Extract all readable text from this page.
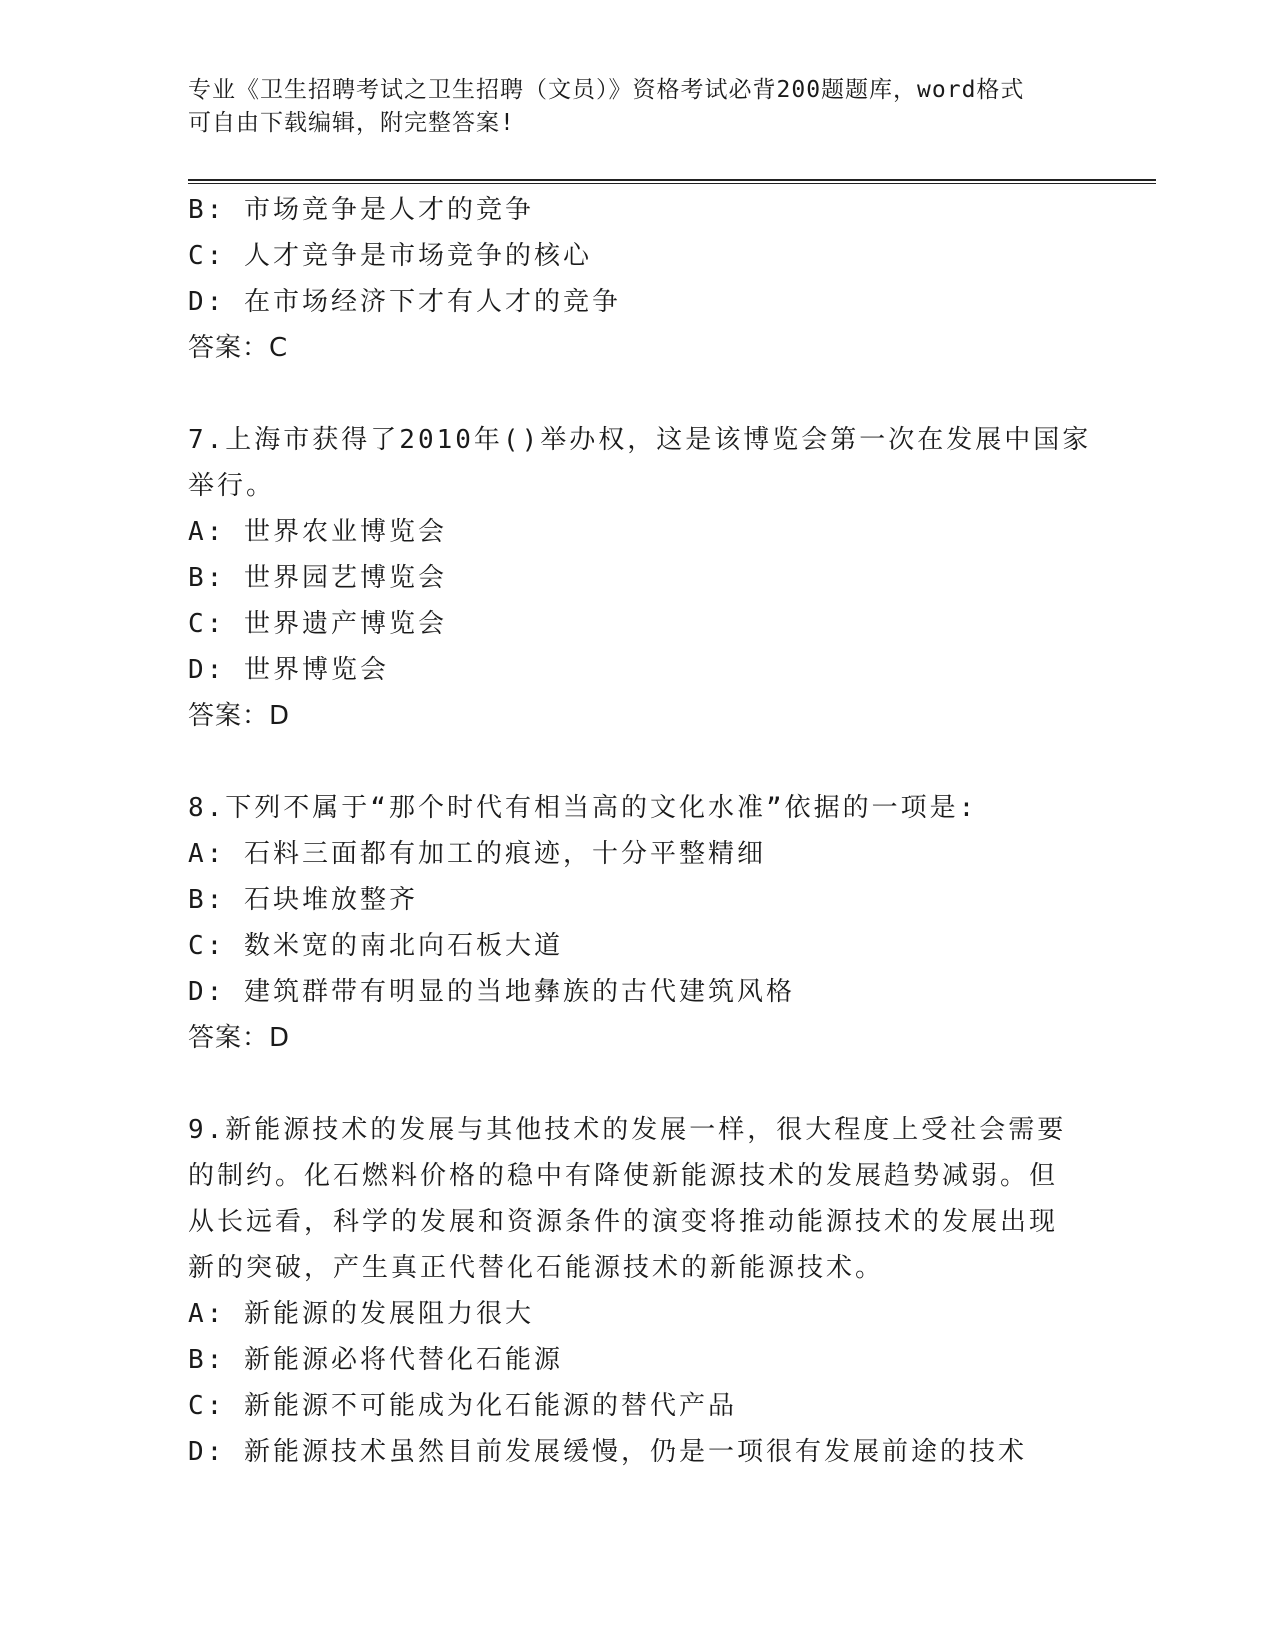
专业《卫生招聘考试之卫生招聘（文员）》资格考试必背200题题库，word格式
可自由下载编辑，附完整答案!
B: 市场竞争是人才的竞争
C: 人才竞争是市场竞争的核心
D: 在市场经济下才有人才的竞争
答案：C
7.上海市获得了2010年()举办权，这是该博览会第一次在发展中国家
举行。
A: 世界农业博览会
B: 世界园艺博览会
C: 世界遗产博览会
D: 世界博览会
答案：D
8.下列不属于“那个时代有相当高的文化水准”依据的一项是:
A: 石料三面都有加工的痕迹，十分平整精细
B: 石块堆放整齐
C: 数米宽的南北向石板大道
D: 建筑群带有明显的当地彝族的古代建筑风格
答案：D
9.新能源技术的发展与其他技术的发展一样，很大程度上受社会需要
的制约。化石燃料价格的稳中有降使新能源技术的发展趋势减弱。但
从长远看，科学的发展和资源条件的演变将推动能源技术的发展出现
新的突破，产生真正代替化石能源技术的新能源技术。
A: 新能源的发展阻力很大
B: 新能源必将代替化石能源
C: 新能源不可能成为化石能源的替代产品
D: 新能源技术虽然目前发展缓慢，仍是一项很有发展前途的技术
